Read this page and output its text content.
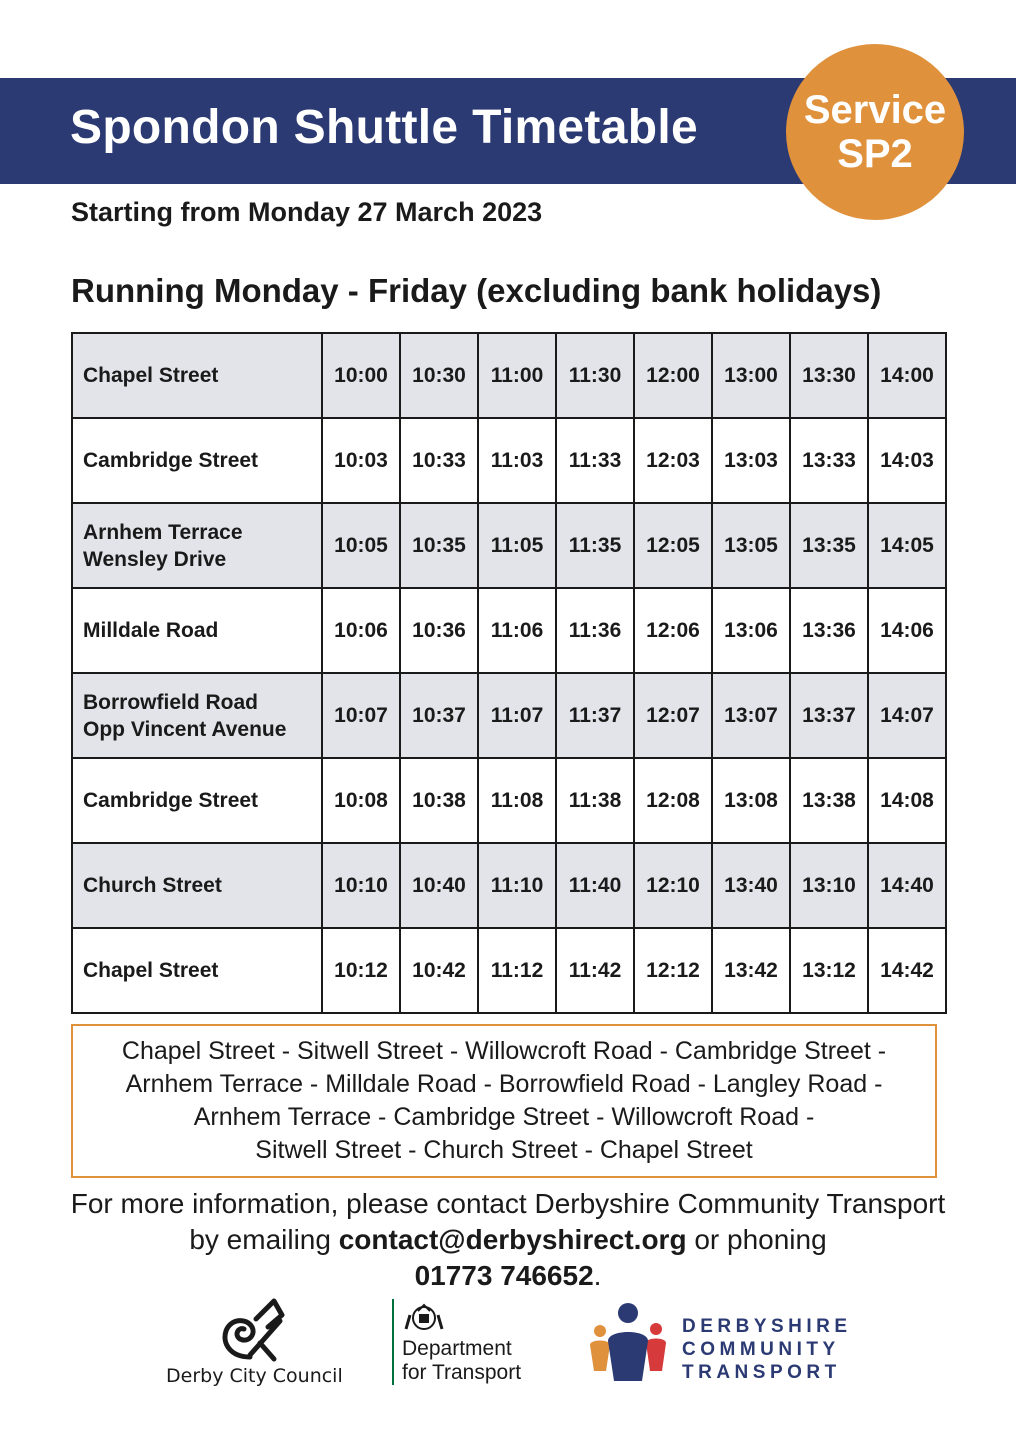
Spondon Shuttle Timetable	Service
SP2

Starting from Monday 27 March 2023

Running Monday - Friday (excluding bank holidays)

Chapel Street	10:00	10:30	11:00	11:30	12:00	13:00	13:30	14:00

Cambridge Street	10:03	10:33	11:03	11:33	12:03	13:03	13:33	14:03

Arnhem Terrace
Wensley Drive	10:05	10:35	11:05	11:35	12:05	13:05	13:35	14:05

Milldale Road	10:06	10:36	11:06	11:36	12:06	13:06	13:36	14:06

Borrowfield Road
Opp Vincent Avenue	10:07	10:37	11:07	11:37	12:07	13:07	13:37	14:07

Cambridge Street	10:08	10:38	11:08	11:38	12:08	13:08	13:38	14:08

Church Street	10:10	10:40	11:10	11:40	12:10	13:40	13:10	14:40

Chapel Street	10:12	10:42	11:12	11:42	12:12	13:42	13:12	14:42
Chapel Street - Sitwell Street - Willowcroft Road - Cambridge Street -
Arnhem Terrace - Milldale Road - Borrowfield Road - Langley Road -
Arnhem Terrace - Cambridge Street - Willowcroft Road -
Sitwell Street - Church Street - Chapel Street
For more information, please contact Derbyshire Community Transport by emailing contact@derbyshirect.org or phoning
01773 746652.
Derby City Council
Department
for Transport
DERBYSHIRE
COMMUNITY
TRANSPORT
